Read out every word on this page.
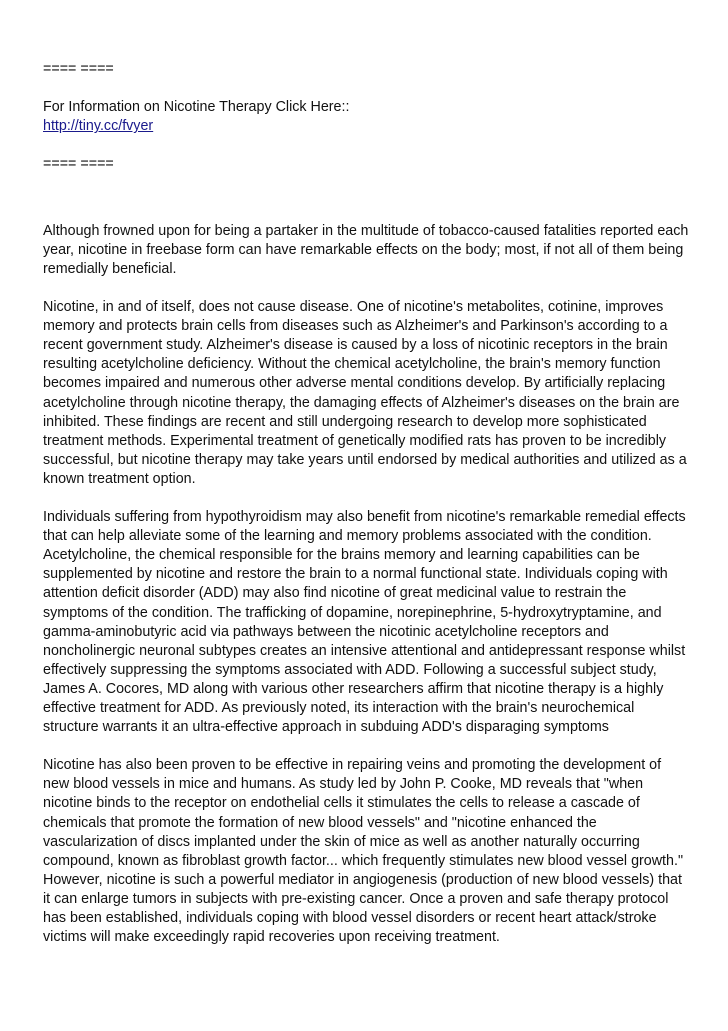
==== ====

For Information on Nicotine Therapy Click Here::

http://tiny.cc/fvyer

==== ====

Although frowned upon for being a partaker in the multitude of tobacco-caused fatalities reported each year, nicotine in freebase form can have remarkable effects on the body; most, if not all of them being remedially beneficial.

Nicotine, in and of itself, does not cause disease. One of nicotine's metabolites, cotinine, improves memory and protects brain cells from diseases such as Alzheimer's and Parkinson's according to a recent government study. Alzheimer's disease is caused by a loss of nicotinic receptors in the brain resulting acetylcholine deficiency. Without the chemical acetylcholine, the brain's memory function becomes impaired and numerous other adverse mental conditions develop. By artificially replacing acetylcholine through nicotine therapy, the damaging effects of Alzheimer's diseases on the brain are inhibited. These findings are recent and still undergoing research to develop more sophisticated treatment methods. Experimental treatment of genetically modified rats has proven to be incredibly successful, but nicotine therapy may take years until endorsed by medical authorities and utilized as a known treatment option.

Individuals suffering from hypothyroidism may also benefit from nicotine's remarkable remedial effects that can help alleviate some of the learning and memory problems associated with the condition. Acetylcholine, the chemical responsible for the brains memory and learning capabilities can be supplemented by nicotine and restore the brain to a normal functional state. Individuals coping with attention deficit disorder (ADD) may also find nicotine of great medicinal value to restrain the symptoms of the condition. The trafficking of dopamine, norepinephrine, 5-hydroxytryptamine, and gamma-aminobutyric acid via pathways between the nicotinic acetylcholine receptors and noncholinergic neuronal subtypes creates an intensive attentional and antidepressant response whilst effectively suppressing the symptoms associated with ADD. Following a successful subject study, James A. Cocores, MD along with various other researchers affirm that nicotine therapy is a highly effective treatment for ADD. As previously noted, its interaction with the brain's neurochemical structure warrants it an ultra-effective approach in subduing ADD's disparaging symptoms

Nicotine has also been proven to be effective in repairing veins and promoting the development of new blood vessels in mice and humans. As study led by John P. Cooke, MD reveals that "when nicotine binds to the receptor on endothelial cells it stimulates the cells to release a cascade of chemicals that promote the formation of new blood vessels" and "nicotine enhanced the vascularization of discs implanted under the skin of mice as well as another naturally occurring compound, known as fibroblast growth factor... which frequently stimulates new blood vessel growth." However, nicotine is such a powerful mediator in angiogenesis (production of new blood vessels) that it can enlarge tumors in subjects with pre-existing cancer. Once a proven and safe therapy protocol has been established, individuals coping with blood vessel disorders or recent heart attack/stroke victims will make exceedingly rapid recoveries upon receiving treatment.
